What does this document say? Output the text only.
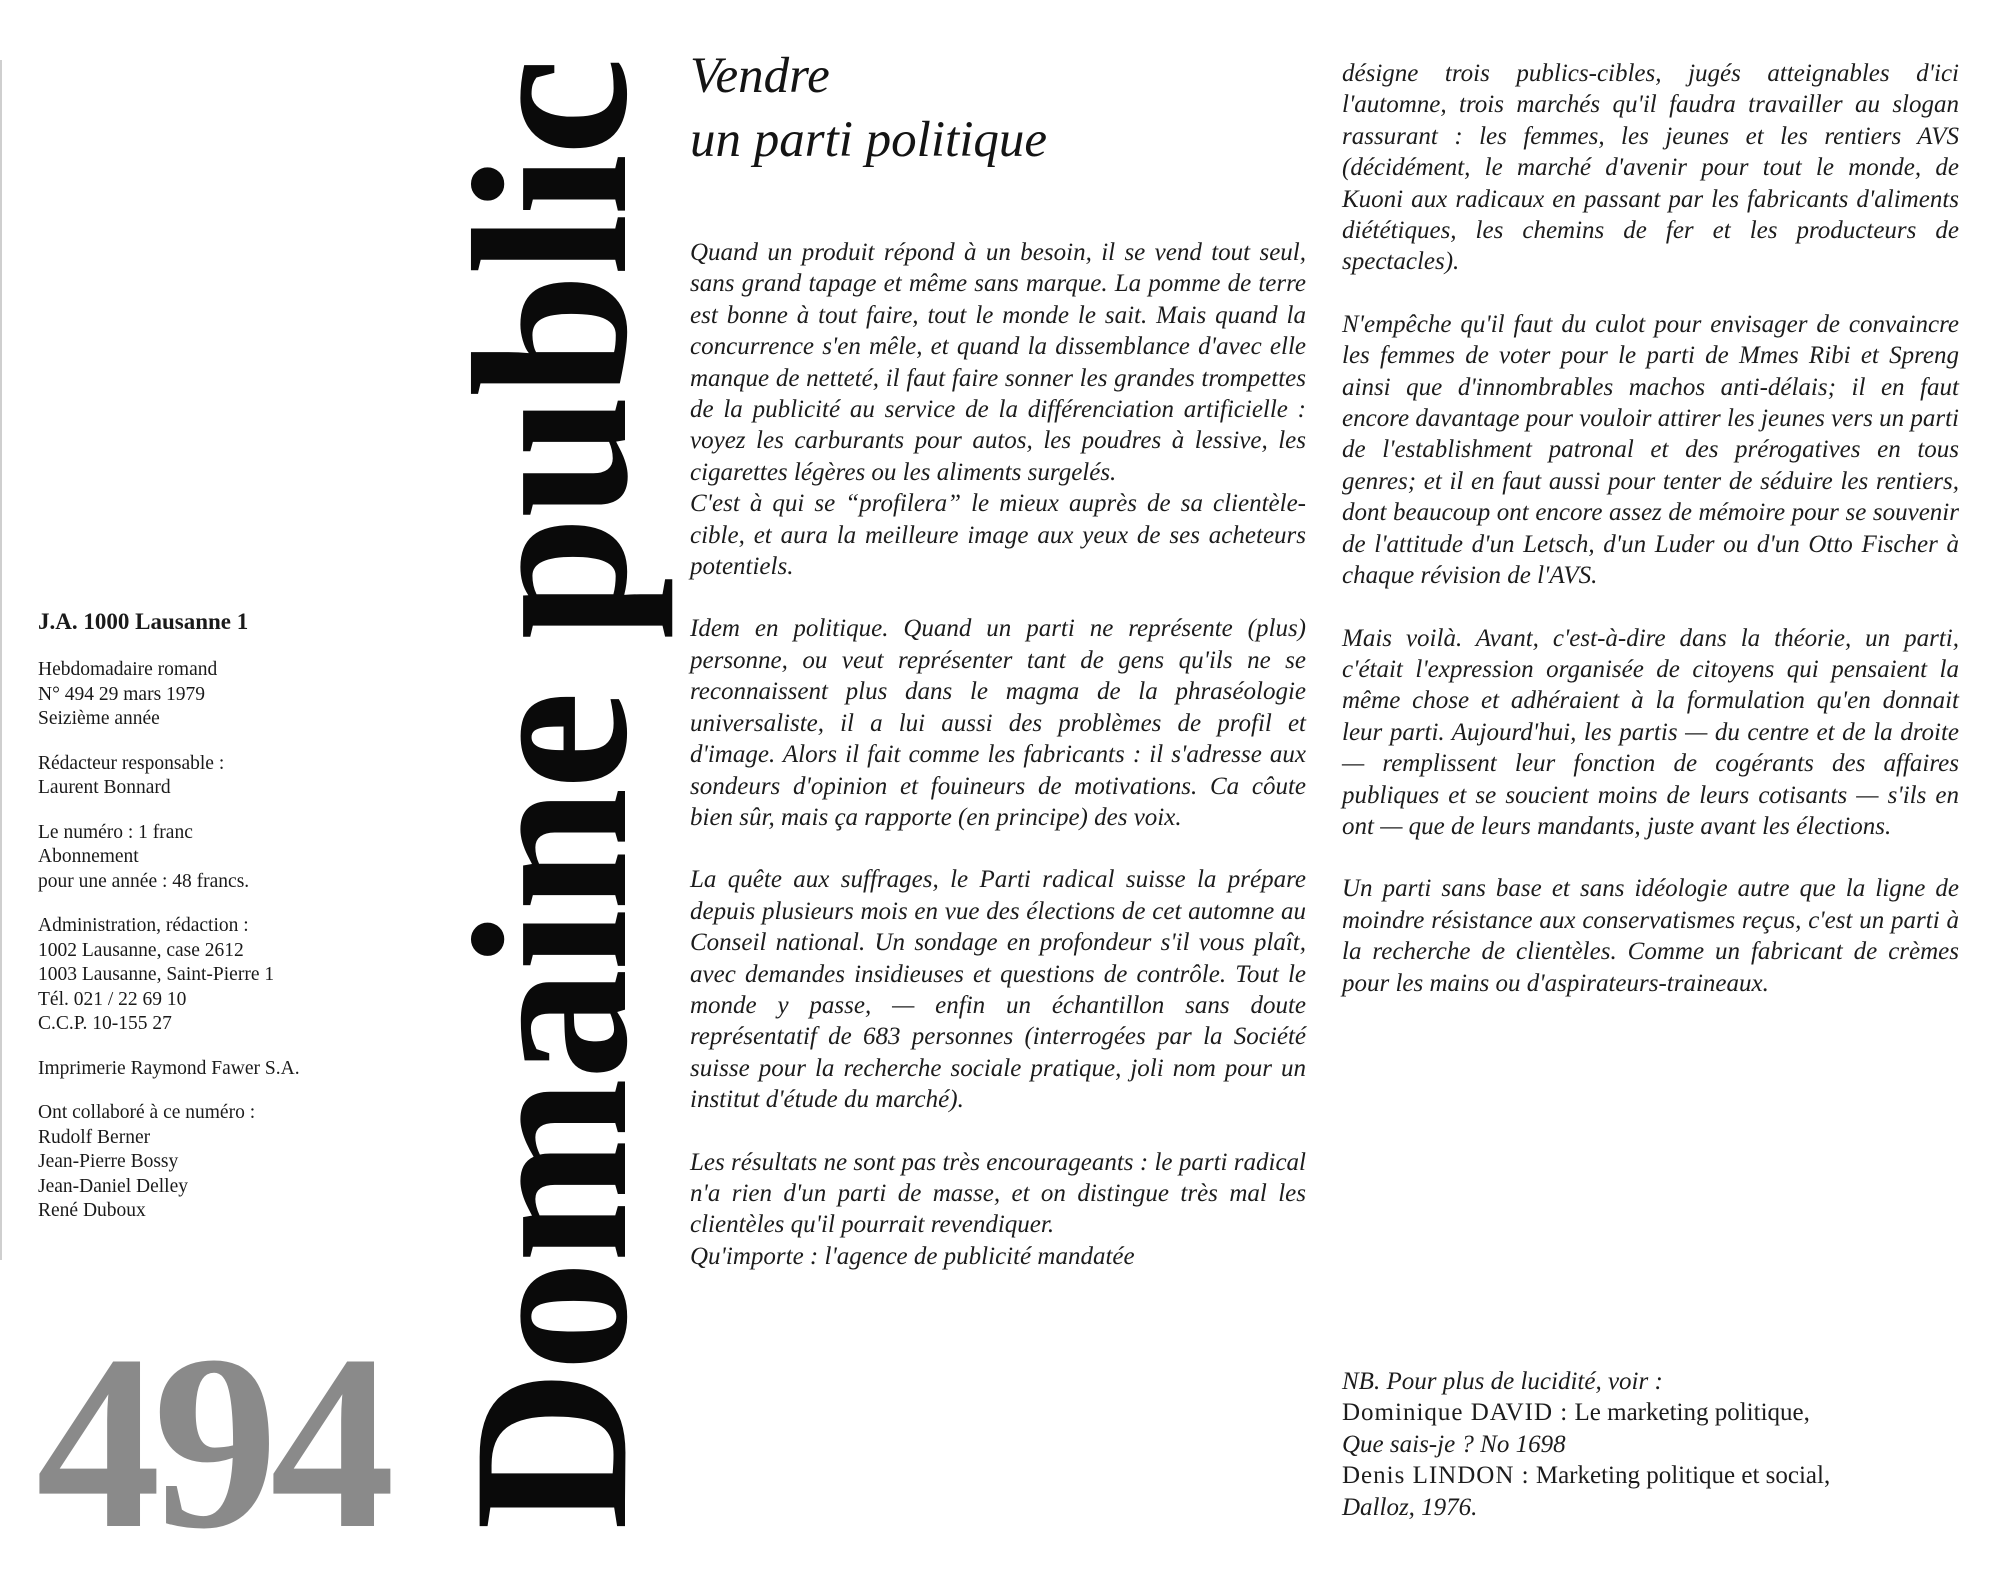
J.A. 1000 Lausanne 1
Hebdomadaire romand
N° 494 29 mars 1979
Seizième année
Rédacteur responsable :
Laurent Bonnard
Le numéro : 1 franc
Abonnement
pour une année : 48 francs.
Administration, rédaction :
1002 Lausanne, case 2612
1003 Lausanne, Saint-Pierre 1
Tél. 021 / 22 69 10
C.C.P. 10-155 27
Imprimerie Raymond Fawer S.A.
Ont collaboré à ce numéro :
Rudolf Berner
Jean-Pierre Bossy
Jean-Daniel Delley
René Duboux
494 Domaine public Vendre
un parti politique

Quand un produit répond à un besoin, il se vend tout seul, sans grand tapage et même sans marque. La pomme de terre est bonne à tout faire, tout le monde le sait. Mais quand la concurrence s'en mêle, et quand la dissemblance d'avec elle manque de netteté, il faut faire sonner les grandes trompettes de la publicité au service de la différenciation artificielle : voyez les carburants pour autos, les poudres à lessive, les cigarettes légères ou les aliments surgelés.

C'est à qui se “profilera” le mieux auprès de sa clientèle-cible, et aura la meilleure image aux yeux de ses acheteurs potentiels.

Idem en politique. Quand un parti ne représente (plus) personne, ou veut représenter tant de gens qu'ils ne se reconnaissent plus dans le magma de la phraséologie universaliste, il a lui aussi des problèmes de profil et d'image. Alors il fait comme les fabricants : il s'adresse aux sondeurs d'opinion et fouineurs de motivations. Ca côute bien sûr, mais ça rapporte (en principe) des voix.

La quête aux suffrages, le Parti radical suisse la prépare depuis plusieurs mois en vue des élections de cet automne au Conseil national. Un sondage en profondeur s'il vous plaît, avec demandes insidieuses et questions de contrôle. Tout le monde y passe, — enfin un échantillon sans doute représentatif de 683 personnes (interrogées par la Société suisse pour la recherche sociale pratique, joli nom pour un institut d'étude du marché).

Les résultats ne sont pas très encourageants : le parti radical n'a rien d'un parti de masse, et on distingue très mal les clientèles qu'il pourrait revendiquer.

Qu'importe : l'agence de publicité mandatée

désigne trois publics-cibles, jugés atteignables d'ici l'automne, trois marchés qu'il faudra travailler au slogan rassurant : les femmes, les jeunes et les rentiers AVS (décidément, le marché d'avenir pour tout le monde, de Kuoni aux radicaux en passant par les fabricants d'aliments diététiques, les chemins de fer et les producteurs de spectacles).

N'empêche qu'il faut du culot pour envisager de convaincre les femmes de voter pour le parti de Mmes Ribi et Spreng ainsi que d'innombrables machos anti-délais; il en faut encore davantage pour vouloir attirer les jeunes vers un parti de l'establishment patronal et des prérogatives en tous genres; et il en faut aussi pour tenter de séduire les rentiers, dont beaucoup ont encore assez de mémoire pour se souvenir de l'attitude d'un Letsch, d'un Luder ou d'un Otto Fischer à chaque révision de l'AVS.

Mais voilà. Avant, c'est-à-dire dans la théorie, un parti, c'était l'expression organisée de citoyens qui pensaient la même chose et adhéraient à la formulation qu'en donnait leur parti. Aujourd'hui, les partis — du centre et de la droite — remplissent leur fonction de cogérants des affaires publiques et se soucient moins de leurs cotisants — s'ils en ont — que de leurs mandants, juste avant les élections.

Un parti sans base et sans idéologie autre que la ligne de moindre résistance aux conservatismes reçus, c'est un parti à la recherche de clientèles. Comme un fabricant de crèmes pour les mains ou d'aspirateurs-traineaux.

NB. Pour plus de lucidité, voir :
Dominique DAVID : Le marketing politique,
Que sais-je ? No 1698
Denis LINDON : Marketing politique et social,
Dalloz, 1976.
